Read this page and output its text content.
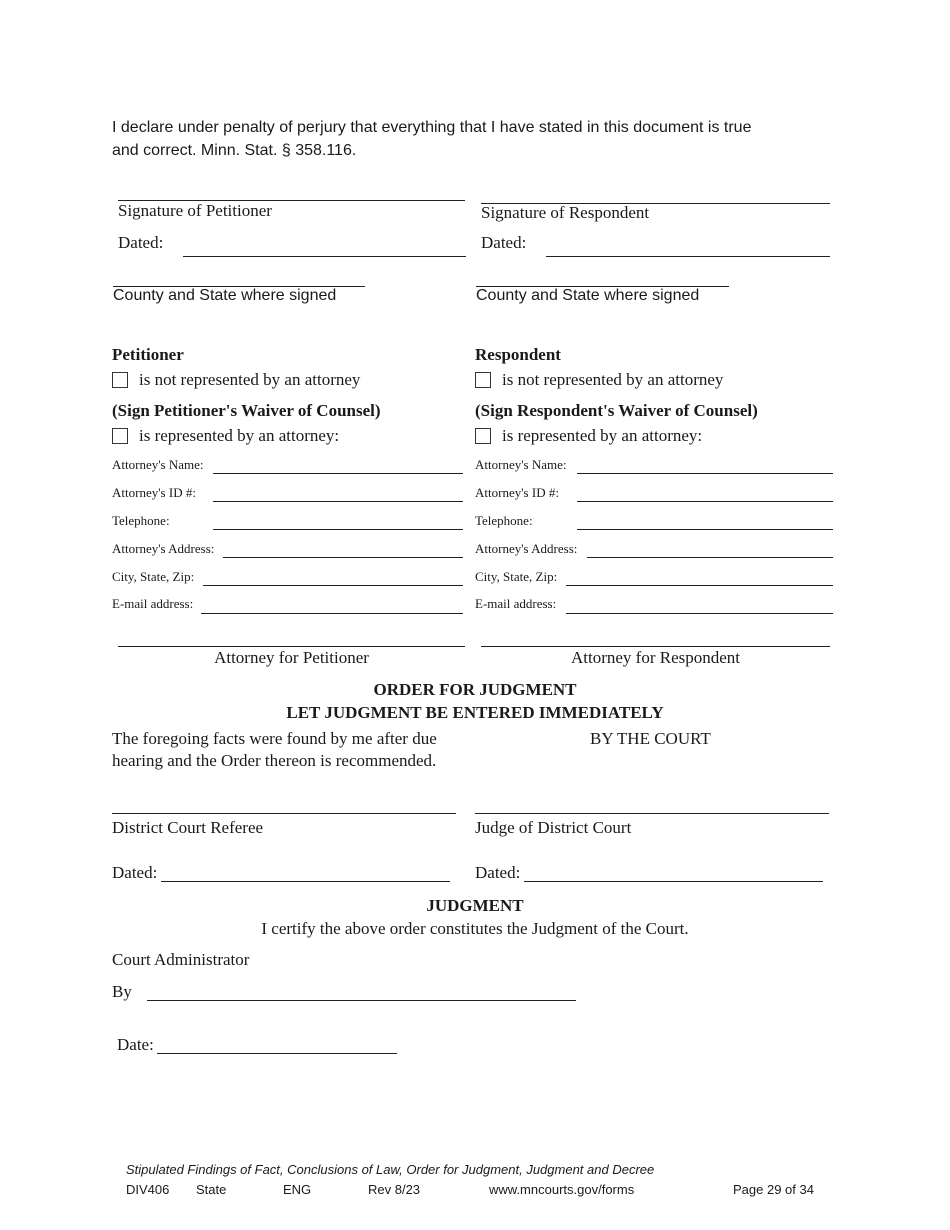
I declare under penalty of perjury that everything that I have stated in this document is true
and correct. Minn. Stat. § 358.116.
Signature of Petitioner	Signature of Respondent
Dated:	Dated:
County and State where signed	County and State where signed
Petitioner
is not represented by an attorney
(Sign Petitioner's Waiver of Counsel)
is represented by an attorney:
Attorney's Name:
Attorney's ID #:
Telephone:
Attorney's Address:
City, State, Zip:
E-mail address:
Respondent
is not represented by an attorney
(Sign Respondent's Waiver of Counsel)
is represented by an attorney:
Attorney's Name:
Attorney's ID #:
Telephone:
Attorney's Address:
City, State, Zip:
E-mail address:
Attorney for Petitioner	Attorney for Respondent
ORDER FOR JUDGMENT
LET JUDGMENT BE ENTERED IMMEDIATELY
The foregoing facts were found by me after due
hearing and the Order thereon is recommended.
BY THE COURT
District Court Referee	Judge of District Court
Dated:	Dated:
JUDGMENT
I certify the above order constitutes the Judgment of the Court.
Court Administrator
By
Date:
Stipulated Findings of Fact, Conclusions of Law, Order for Judgment, Judgment and Decree
DIV406 State	ENG	Rev 8/23	www.mncourts.gov/forms	Page 29 of 34
